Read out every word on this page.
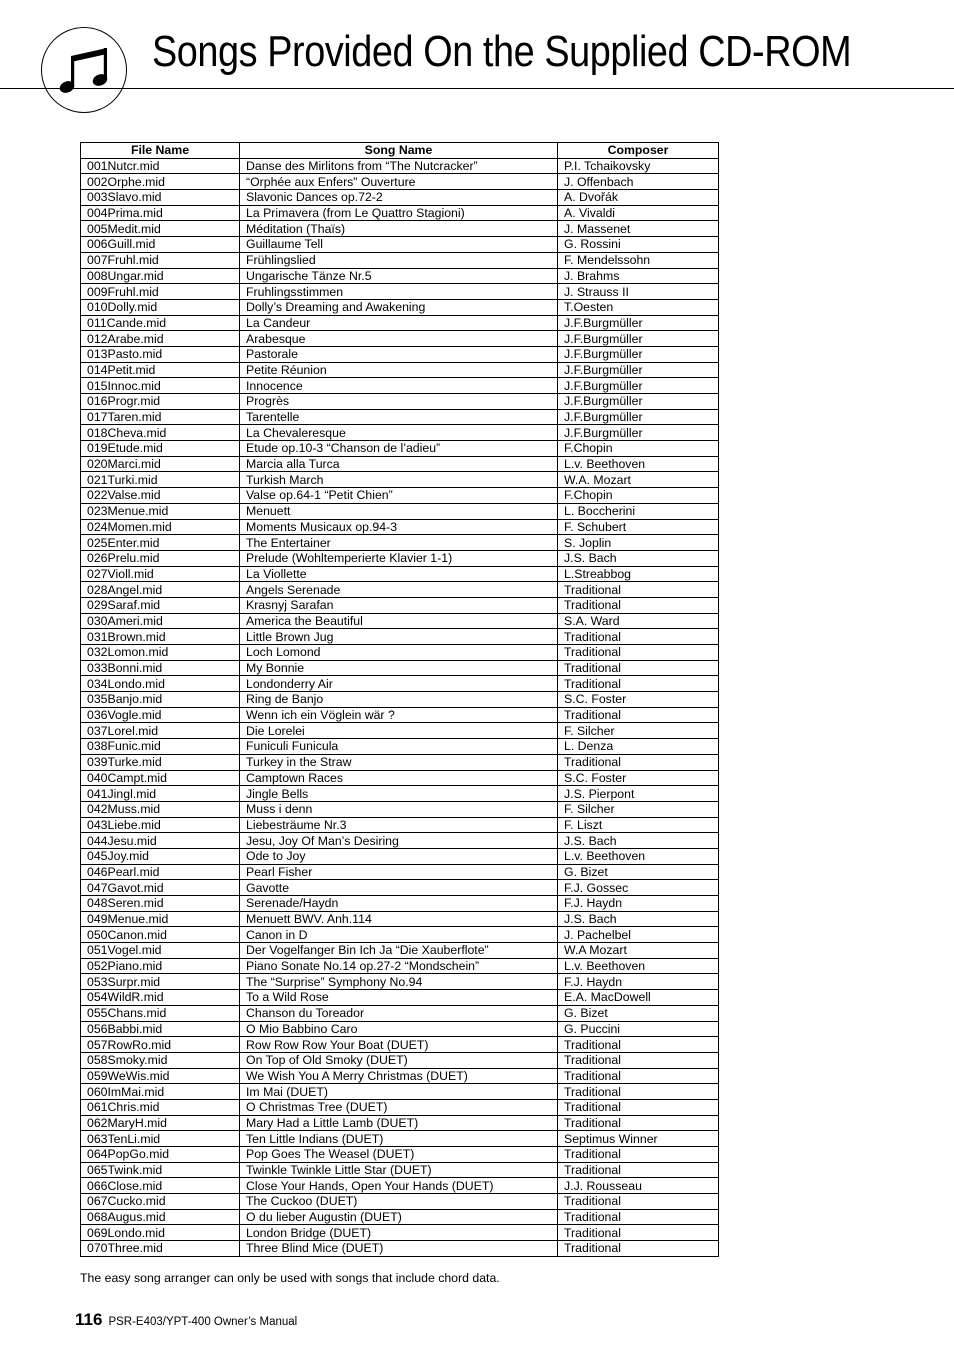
Songs Provided On the Supplied CD-ROM
File Name	Song Name	Composer
001Nutcr.mid	Danse des Mirlitons from “The Nutcracker”	P.I. Tchaikovsky
002Orphe.mid	“Orphée aux Enfers” Ouverture	J. Offenbach
003Slavo.mid	Slavonic Dances op.72-2	A. Dvořák
004Prima.mid	La Primavera (from Le Quattro Stagioni)	A. Vivaldi
005Medit.mid	Méditation (Thaïs)	J. Massenet
006Guill.mid	Guillaume Tell	G. Rossini
007Fruhl.mid	Frühlingslied	F. Mendelssohn
008Ungar.mid	Ungarische Tänze Nr.5	J. Brahms
009Fruhl.mid	Fruhlingsstimmen	J. Strauss II
010Dolly.mid	Dolly’s Dreaming and Awakening	T.Oesten
011Cande.mid	La Candeur	J.F.Burgmüller
012Arabe.mid	Arabesque	J.F.Burgmüller
013Pasto.mid	Pastorale	J.F.Burgmüller
014Petit.mid	Petite Réunion	J.F.Burgmüller
015Innoc.mid	Innocence	J.F.Burgmüller
016Progr.mid	Progrès	J.F.Burgmüller
017Taren.mid	Tarentelle	J.F.Burgmüller
018Cheva.mid	La Chevaleresque	J.F.Burgmüller
019Etude.mid	Etude op.10-3 “Chanson de l’adieu”	F.Chopin
020Marci.mid	Marcia alla Turca	L.v. Beethoven
021Turki.mid	Turkish March	W.A. Mozart
022Valse.mid	Valse op.64-1 “Petit Chien”	F.Chopin
023Menue.mid	Menuett	L. Boccherini
024Momen.mid	Moments Musicaux op.94-3	F. Schubert
025Enter.mid	The Entertainer	S. Joplin
026Prelu.mid	Prelude (Wohltemperierte Klavier 1-1)	J.S. Bach
027Violl.mid	La Viollette	L.Streabbog
028Angel.mid	Angels Serenade	Traditional
029Saraf.mid	Krasnyj Sarafan	Traditional
030Ameri.mid	America the Beautiful	S.A. Ward
031Brown.mid	Little Brown Jug	Traditional
032Lomon.mid	Loch Lomond	Traditional
033Bonni.mid	My Bonnie	Traditional
034Londo.mid	Londonderry Air	Traditional
035Banjo.mid	Ring de Banjo	S.C. Foster
036Vogle.mid	Wenn ich ein Vöglein wär ?	Traditional
037Lorel.mid	Die Lorelei	F. Silcher
038Funic.mid	Funiculi Funicula	L. Denza
039Turke.mid	Turkey in the Straw	Traditional
040Campt.mid	Camptown Races	S.C. Foster
041Jingl.mid	Jingle Bells	J.S. Pierpont
042Muss.mid	Muss i denn	F. Silcher
043Liebe.mid	Liebesträume Nr.3	F. Liszt
044Jesu.mid	Jesu, Joy Of Man’s Desiring	J.S. Bach
045Joy.mid	Ode to Joy	L.v. Beethoven
046Pearl.mid	Pearl Fisher	G. Bizet
047Gavot.mid	Gavotte	F.J. Gossec
048Seren.mid	Serenade/Haydn	F.J. Haydn
049Menue.mid	Menuett BWV. Anh.114	J.S. Bach
050Canon.mid	Canon in D	J. Pachelbel
051Vogel.mid	Der Vogelfanger Bin Ich Ja “Die Xauberflote”	W.A Mozart
052Piano.mid	Piano Sonate No.14 op.27-2 “Mondschein”	L.v. Beethoven
053Surpr.mid	The “Surprise” Symphony No.94	F.J. Haydn
054WildR.mid	To a Wild Rose	E.A. MacDowell
055Chans.mid	Chanson du Toreador	G. Bizet
056Babbi.mid	O Mio Babbino Caro	G. Puccini
057RowRo.mid	Row Row Row Your Boat (DUET)	Traditional
058Smoky.mid	On Top of Old Smoky (DUET)	Traditional
059WeWis.mid	We Wish You A Merry Christmas (DUET)	Traditional
060ImMai.mid	Im Mai (DUET)	Traditional
061Chris.mid	O Christmas Tree (DUET)	Traditional
062MaryH.mid	Mary Had a Little Lamb (DUET)	Traditional
063TenLi.mid	Ten Little Indians (DUET)	Septimus Winner
064PopGo.mid	Pop Goes The Weasel (DUET)	Traditional
065Twink.mid	Twinkle Twinkle Little Star (DUET)	Traditional
066Close.mid	Close Your Hands, Open Your Hands (DUET)	J.J. Rousseau
067Cucko.mid	The Cuckoo (DUET)	Traditional
068Augus.mid	O du lieber Augustin (DUET)	Traditional
069Londo.mid	London Bridge (DUET)	Traditional
070Three.mid	Three Blind Mice (DUET)	Traditional
The easy song arranger can only be used with songs that include chord data.
116 PSR-E403/YPT-400 Owner’s Manual
